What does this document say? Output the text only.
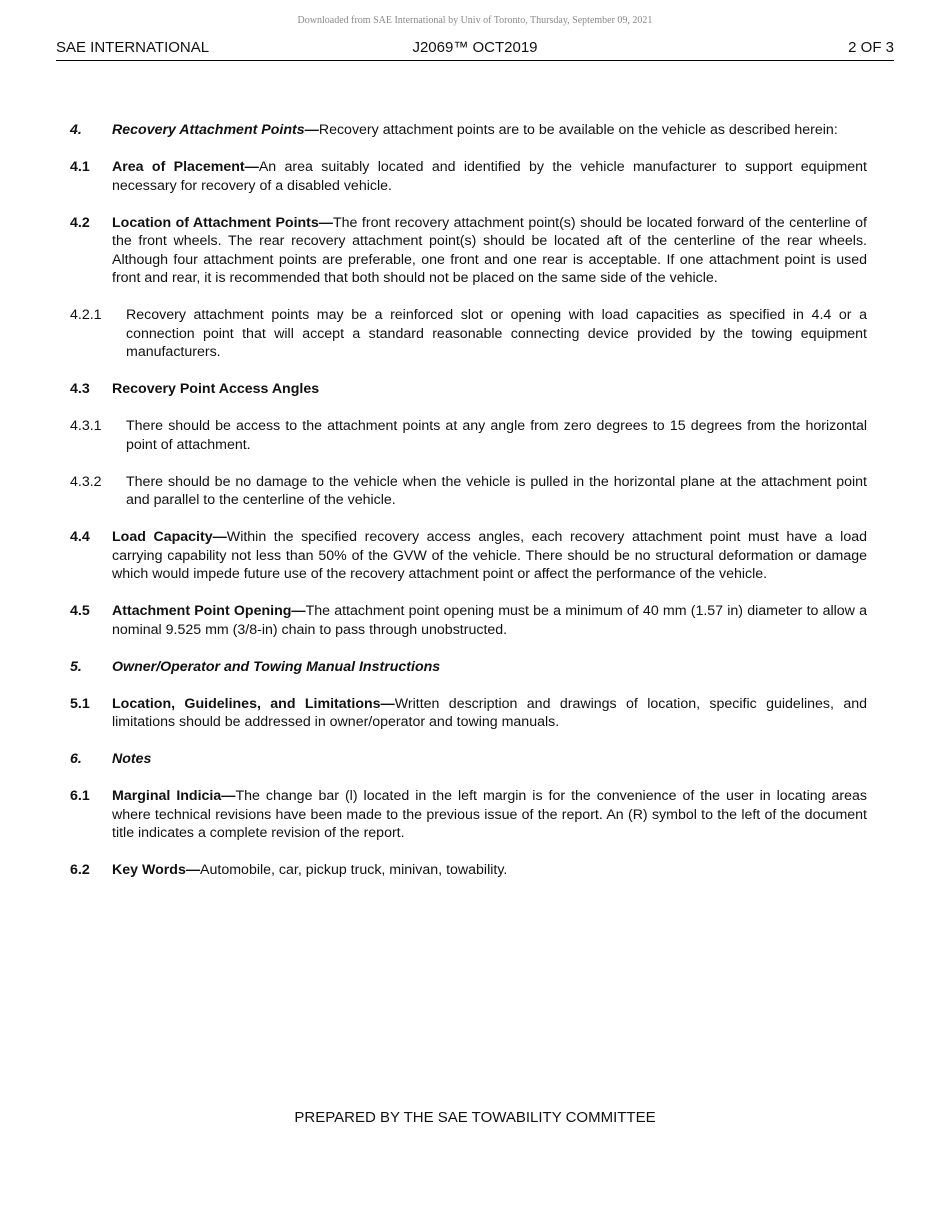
Downloaded from SAE International by Univ of Toronto, Thursday, September 09, 2021
J2069™ OCT2019
SAE INTERNATIONAL	2 OF 3
4. Recovery Attachment Points—Recovery attachment points are to be available on the vehicle as described herein:
4.1 Area of Placement—An area suitably located and identified by the vehicle manufacturer to support equipment necessary for recovery of a disabled vehicle.
4.2 Location of Attachment Points—The front recovery attachment point(s) should be located forward of the centerline of the front wheels. The rear recovery attachment point(s) should be located aft of the centerline of the rear wheels. Although four attachment points are preferable, one front and one rear is acceptable. If one attachment point is used front and rear, it is recommended that both should not be placed on the same side of the vehicle.
4.2.1 Recovery attachment points may be a reinforced slot or opening with load capacities as specified in 4.4 or a connection point that will accept a standard reasonable connecting device provided by the towing equipment manufacturers.
4.3 Recovery Point Access Angles
4.3.1 There should be access to the attachment points at any angle from zero degrees to 15 degrees from the horizontal point of attachment.
4.3.2 There should be no damage to the vehicle when the vehicle is pulled in the horizontal plane at the attachment point and parallel to the centerline of the vehicle.
4.4 Load Capacity—Within the specified recovery access angles, each recovery attachment point must have a load carrying capability not less than 50% of the GVW of the vehicle. There should be no structural deformation or damage which would impede future use of the recovery attachment point or affect the performance of the vehicle.
4.5 Attachment Point Opening—The attachment point opening must be a minimum of 40 mm (1.57 in) diameter to allow a nominal 9.525 mm (3/8-in) chain to pass through unobstructed.
5. Owner/Operator and Towing Manual Instructions
5.1 Location, Guidelines, and Limitations—Written description and drawings of location, specific guidelines, and limitations should be addressed in owner/operator and towing manuals.
6. Notes
6.1 Marginal Indicia—The change bar (l) located in the left margin is for the convenience of the user in locating areas where technical revisions have been made to the previous issue of the report. An (R) symbol to the left of the document title indicates a complete revision of the report.
6.2 Key Words—Automobile, car, pickup truck, minivan, towability.
PREPARED BY THE SAE TOWABILITY COMMITTEE
